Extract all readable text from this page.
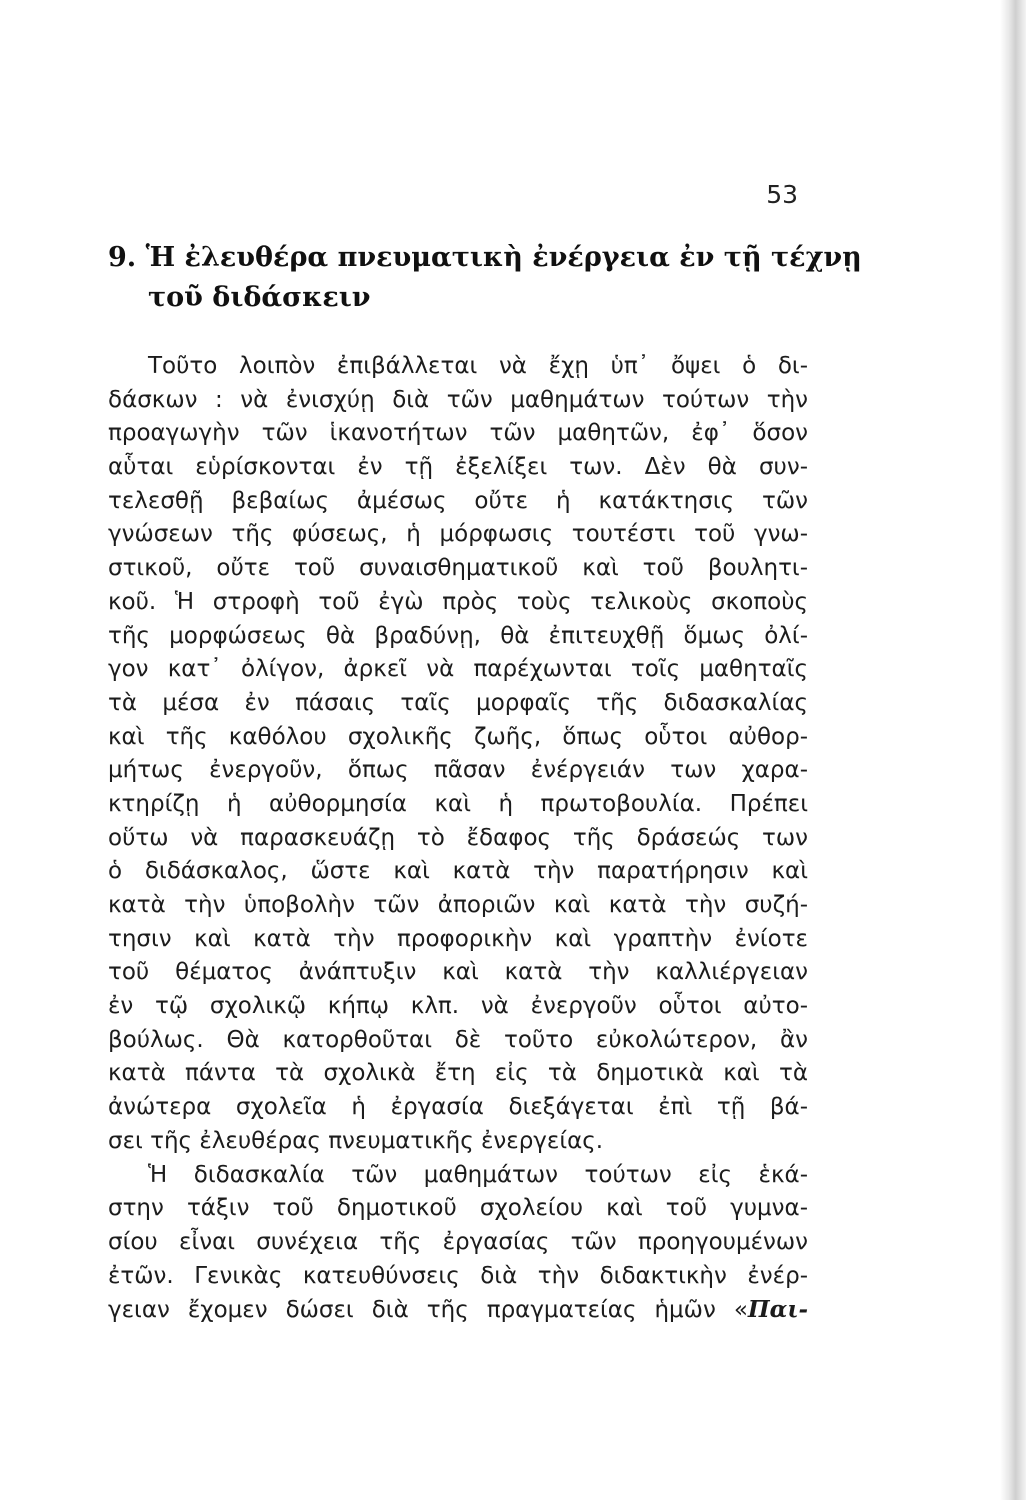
53
9. Ἡ ἐλευθέρα πνευματικὴ ἐνέργεια ἐν τῇ τέχνῃ
τοῦ διδάσκειν
Τοῦτο λοιπὸν ἐπιβάλλεται νὰ ἔχῃ ὑπ᾽ ὄψει ὁ δι-
δάσκων : νὰ ἐνισχύῃ διὰ τῶν μαθημάτων τούτων τὴν
προαγωγὴν τῶν ἱκανοτήτων τῶν μαθητῶν, ἐφ᾽ ὅσον
αὗται εὑρίσκονται ἐν τῇ ἐξελίξει των. Δὲν θὰ συν-
τελεσθῇ βεβαίως ἀμέσως οὔτε ἡ κατάκτησις τῶν
γνώσεων τῆς φύσεως, ἡ μόρφωσις τουτέστι τοῦ γνω-
στικοῦ, οὔτε τοῦ συναισθηματικοῦ καὶ τοῦ βουλητι-
κοῦ. Ἡ στροφὴ τοῦ ἐγὼ πρὸς τοὺς τελικοὺς σκοποὺς
τῆς μορφώσεως θὰ βραδύνῃ, θὰ ἐπιτευχθῇ ὅμως ὀλί-
γον κατ᾽ ὀλίγον, ἀρκεῖ νὰ παρέχωνται τοῖς μαθηταῖς
τὰ μέσα ἐν πάσαις ταῖς μορφαῖς τῆς διδασκαλίας
καὶ τῆς καθόλου σχολικῆς ζωῆς, ὅπως οὗτοι αὐθορ-
μήτως ἐνεργοῦν, ὅπως πᾶσαν ἐνέργειάν των χαρα-
κτηρίζῃ ἡ αὐθορμησία καὶ ἡ πρωτοβουλία. Πρέπει
οὕτω νὰ παρασκευάζῃ τὸ ἔδαφος τῆς δράσεώς των
ὁ διδάσκαλος, ὥστε καὶ κατὰ τὴν παρατήρησιν καὶ
κατὰ τὴν ὑποβολὴν τῶν ἀποριῶν καὶ κατὰ τὴν συζή-
τησιν καὶ κατὰ τὴν προφορικὴν καὶ γραπτὴν ἐνίοτε
τοῦ θέματος ἀνάπτυξιν καὶ κατὰ τὴν καλλιέργειαν
ἐν τῷ σχολικῷ κήπῳ κλπ. νὰ ἐνεργοῦν οὗτοι αὐτο-
βούλως. Θὰ κατορθοῦται δὲ τοῦτο εὐκολώτερον, ἂν
κατὰ πάντα τὰ σχολικὰ ἔτη εἰς τὰ δημοτικὰ καὶ τὰ
ἀνώτερα σχολεῖα ἡ ἐργασία διεξάγεται ἐπὶ τῇ βά-
σει τῆς ἐλευθέρας πνευματικῆς ἐνεργείας.
Ἡ διδασκαλία τῶν μαθημάτων τούτων εἰς ἑκά-
στην τάξιν τοῦ δημοτικοῦ σχολείου καὶ τοῦ γυμνα-
σίου εἶναι συνέχεια τῆς ἐργασίας τῶν προηγουμένων
ἐτῶν. Γενικὰς κατευθύνσεις διὰ τὴν διδακτικὴν ἐνέρ-
γειαν ἔχομεν δώσει διὰ τῆς πραγματείας ἡμῶν «Παι-
